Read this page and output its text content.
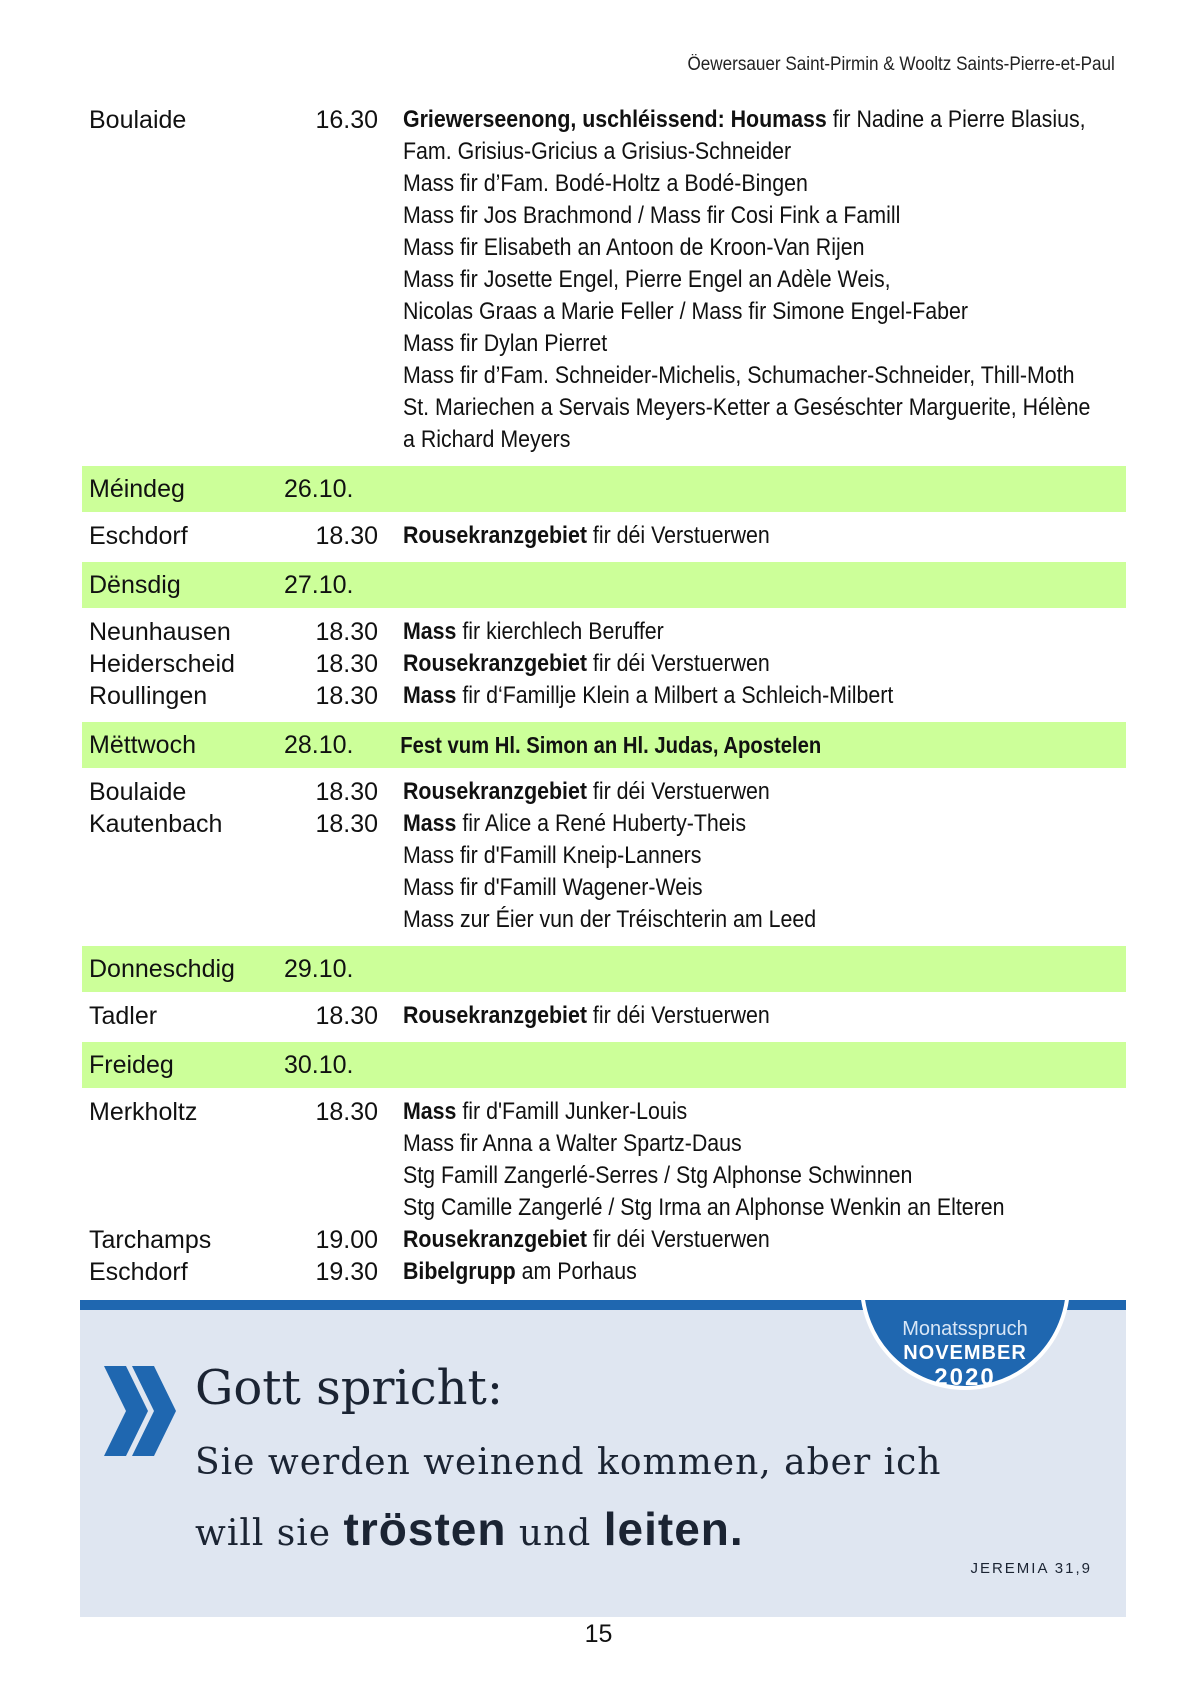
Öewersauer Saint-Pirmin & Wooltz Saints-Pierre-et-Paul
Boulaide	16.30 Griewerseenong, uschléissend: Houmass fir Nadine a Pierre Blasius,
Fam. Grisius-Gricius a Grisius-Schneider
Mass fir d’Fam. Bodé-Holtz a Bodé-Bingen
Mass fir Jos Brachmond / Mass fir Cosi Fink a Famill
Mass fir Elisabeth an Antoon de Kroon-Van Rijen
Mass fir Josette Engel, Pierre Engel an Adèle Weis,
Nicolas Graas a Marie Feller / Mass fir Simone Engel-Faber
Mass fir Dylan Pierret
Mass fir d’Fam. Schneider-Michelis, Schumacher-Schneider, Thill-Moth
St. Mariechen a Servais Meyers-Ketter a Geséschter Marguerite, Hélène
a Richard Meyers
Méindeg	26.10.
Eschdorf	18.30 Rousekranzgebiet fir déi Verstuerwen
Dënsdig	27.10.
Neunhausen	18.30 Mass fir kierchlech Beruffer
Heiderscheid	18.30 Rousekranzgebiet fir déi Verstuerwen
Roullingen	18.30 Mass fir d‘Famillje Klein a Milbert a Schleich-Milbert
Mëttwoch	28.10.	Fest vum Hl. Simon an Hl. Judas, Apostelen
Boulaide	18.30 Rousekranzgebiet fir déi Verstuerwen
Kautenbach	18.30 Mass fir Alice a René Huberty-Theis
Mass fir d'Famill Kneip-Lanners
Mass fir d'Famill Wagener-Weis
Mass zur Éier vun der Tréischterin am Leed
Donneschdig	29.10.
Tadler	18.30 Rousekranzgebiet fir déi Verstuerwen
Freideg	30.10.
Merkholtz	18.30 Mass fir d'Famill Junker-Louis
Mass fir Anna a Walter Spartz-Daus
Stg Famill Zangerlé-Serres / Stg Alphonse Schwinnen
Stg Camille Zangerlé / Stg Irma an Alphonse Wenkin an Elteren
Tarchamps	19.00 Rousekranzgebiet fir déi Verstuerwen
Eschdorf	19.30 Bibelgrupp am Porhaus
Monatsspruch
NOVEMBER
2020
Gott spricht:
Sie werden weinend kommen, aber ich
will sie trösten und leiten.
JEREMIA 31,9
15
